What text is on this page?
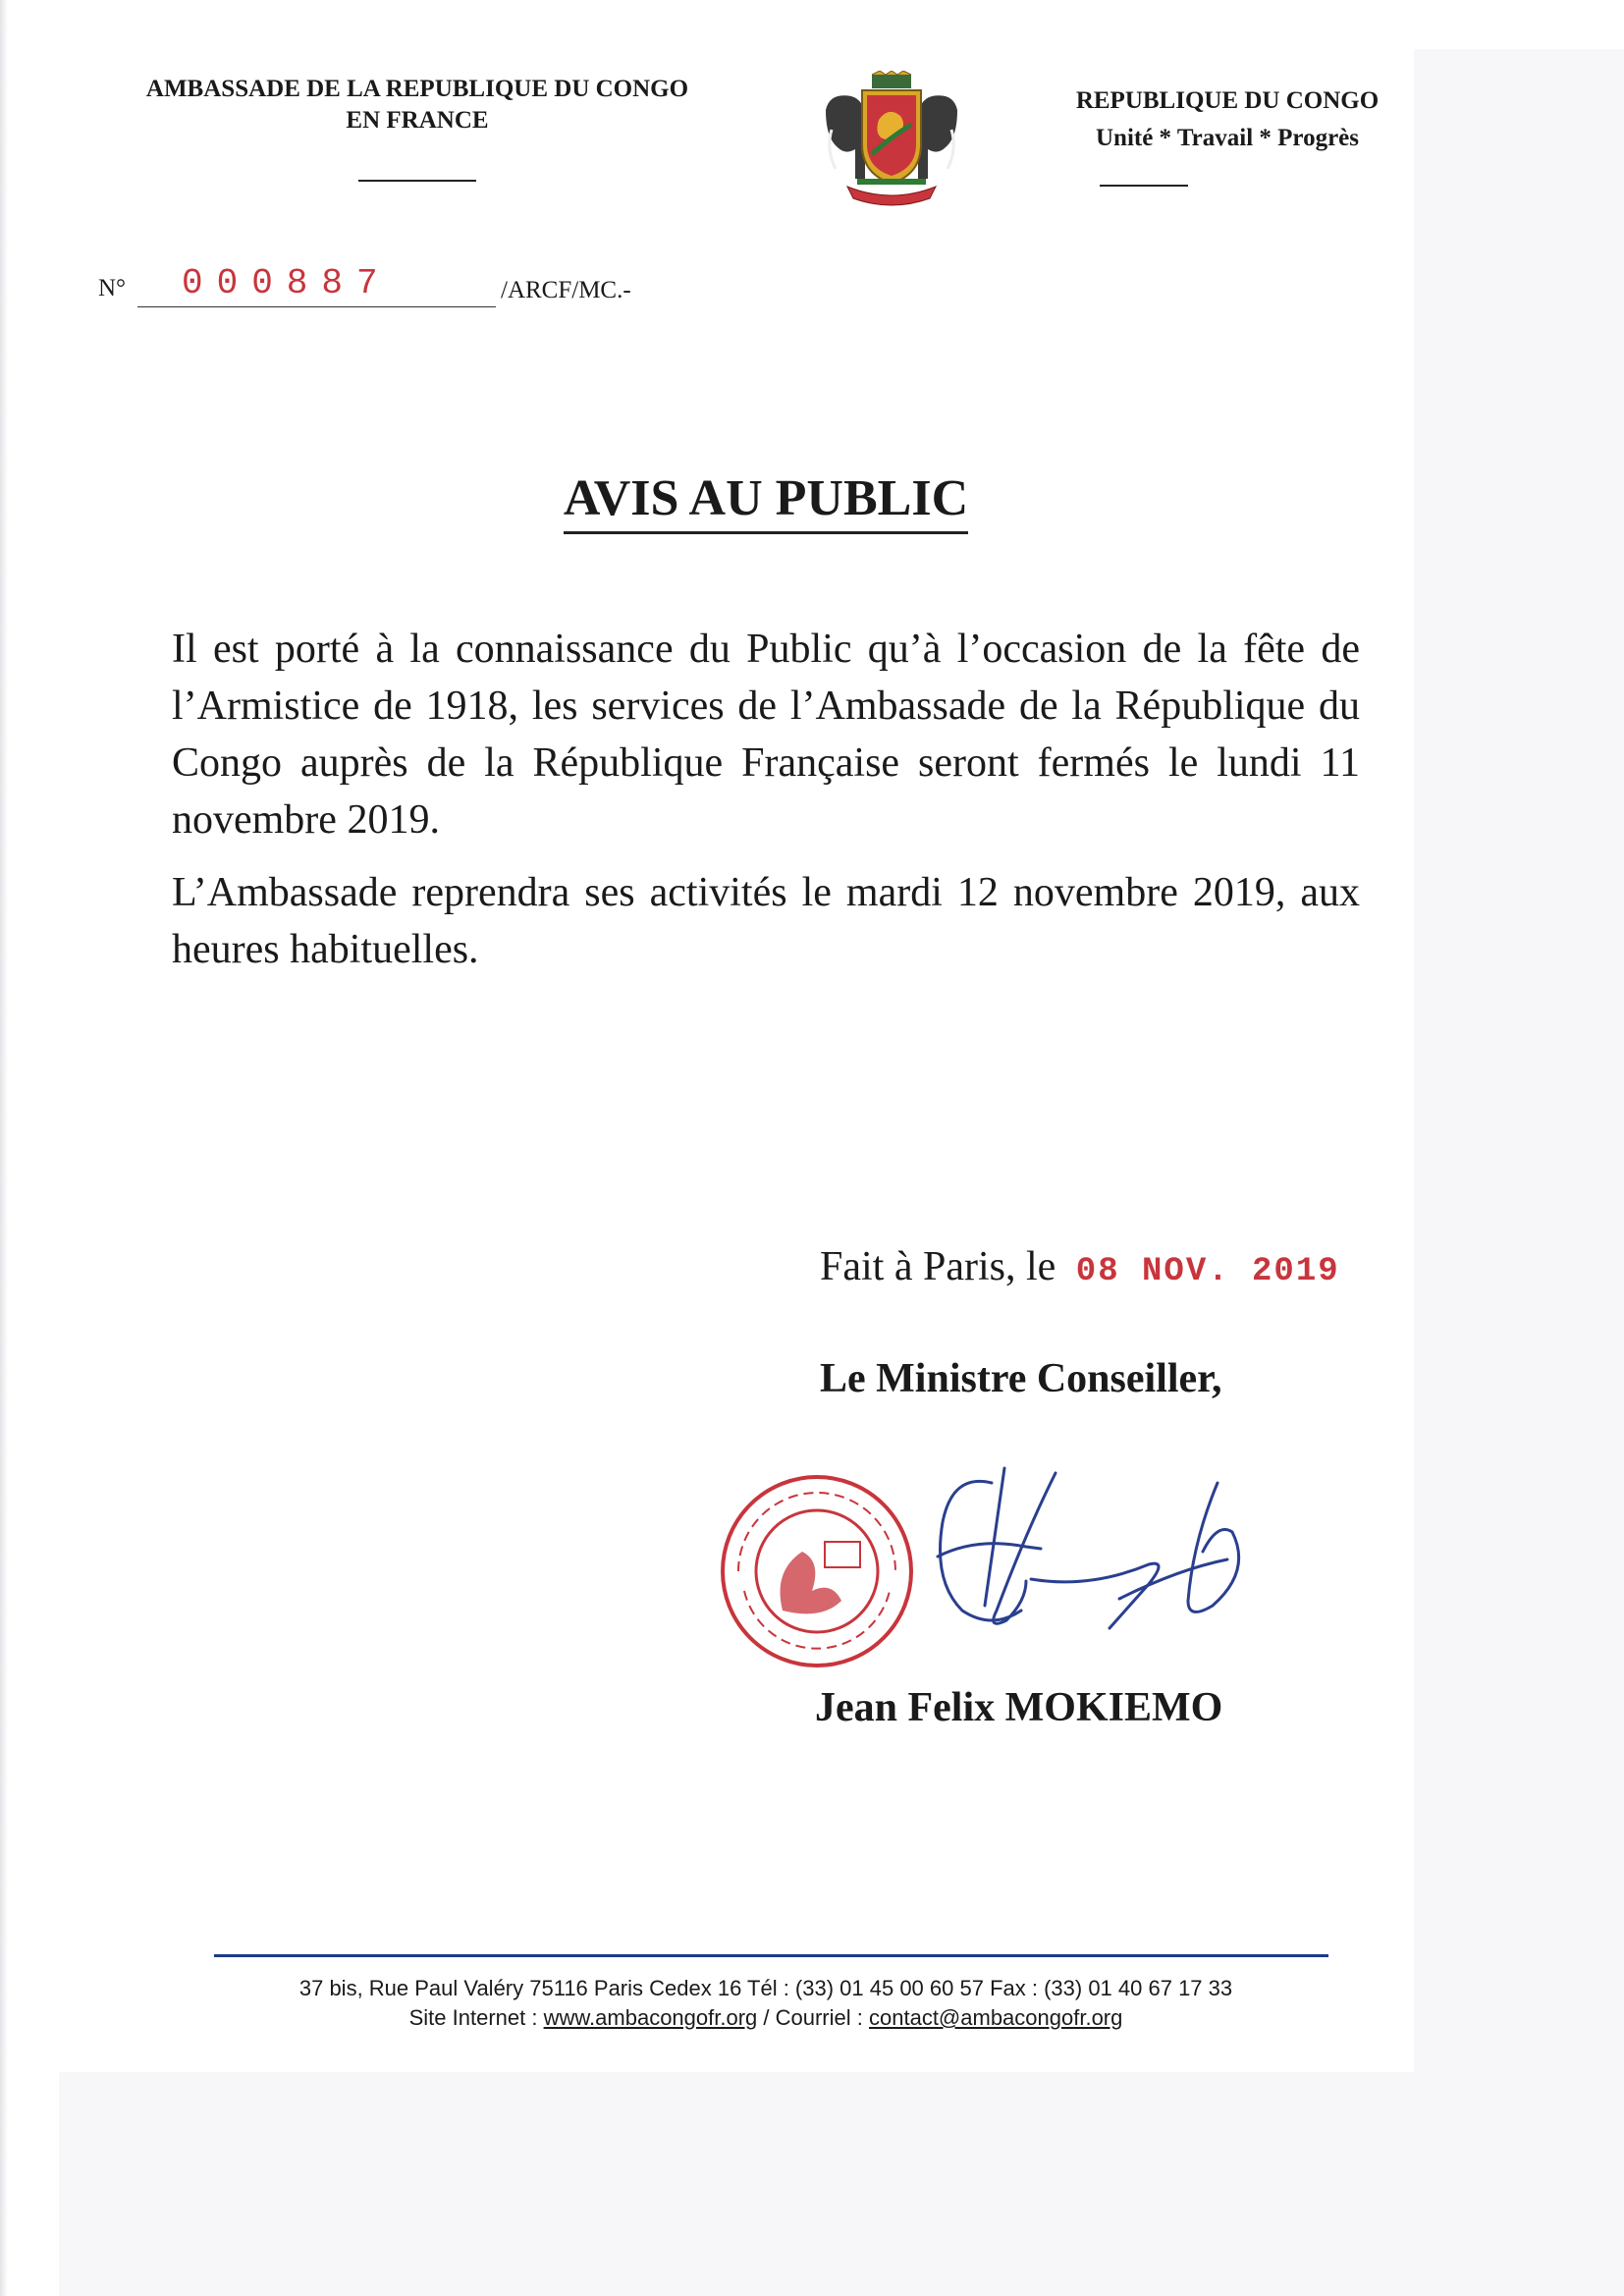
AMBASSADE DE LA REPUBLIQUE DU CONGO
EN FRANCE
REPUBLIQUE DU CONGO
Unité * Travail * Progrès
N° 000887	/ARCF/MC.-
AVIS AU PUBLIC

Il est porté à la connaissance du Public qu’à l’occasion de la fête de l’Armistice de 1918, les services de l’Ambassade de la République du Congo auprès de la République Française seront fermés le lundi 11 novembre 2019.

L’Ambassade reprendra ses activités le mardi 12 novembre 2019, aux heures habituelles.

Fait à Paris, le 08 NOV. 2019
Le Ministre Conseiller,
Jean Felix MOKIEMO
37 bis, Rue Paul Valéry 75116 Paris Cedex 16 Tél : (33) 01 45 00 60 57 Fax : (33) 01 40 67 17 33
Site Internet : www.ambacongofr.org / Courriel : contact@ambacongofr.org
